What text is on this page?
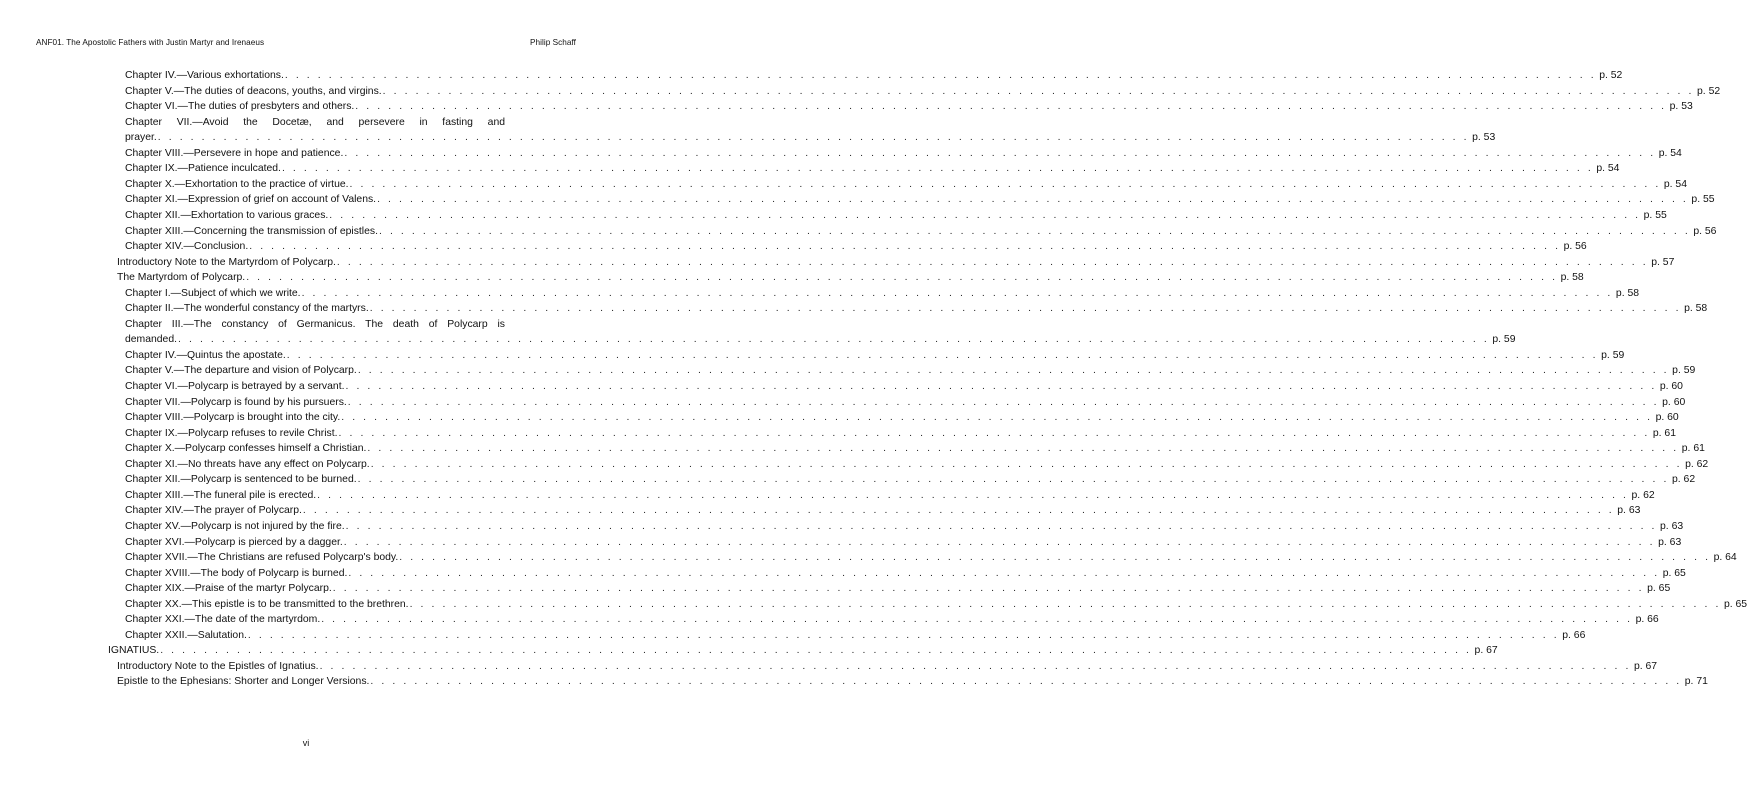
ANF01. The Apostolic Fathers with Justin Martyr and Irenaeus	Philip Schaff
Chapter IV.—Various exhortations. . . . . . . . . . . . . . . . . . . . . . . . . . . . . . . . . . . . . . . . . . . . . . . . . . . . . . . . . . . . . . . . . . . . . . . . . . . . . . . . . . . . . . . . . . . . . . . . . . . . . . . . . . . . . . . . . . . . . . . . . p. 52
Chapter V.—The duties of deacons, youths, and virgins. . . . . . . . . . . . . . . . . . . . . . . . . . . . . . . . . . . . . . . . . . . . . . . . . . . . . . . . . . . . . . . . . . . . . . . . . . . . . . . . . . . . . . . . . . . . . . . . . . . . . . . . . . . . . . . . . . . . . . . . . p. 52
Chapter VI.—The duties of presbyters and others. . . . . . . . . . . . . . . . . . . . . . . . . . . . . . . . . . . . . . . . . . . . . . . . . . . . . . . . . . . . . . . . . . . . . . . . . . . . . . . . . . . . . . . . . . . . . . . . . . . . . . . . . . . . . . . . . . . . . . . . . p. 53
Chapter VII.—Avoid the Docetæ, and persevere in fasting and
prayer. . . . . . . . . . . . . . . . . . . . . . . . . . . . . . . . . . . . . . . . . . . . . . . . . . . . . . . . . . . . . . . . . . . . . . . . . . . . . . . . . . . . . . . . . . . . . . . . . . . . . . . . . . . . . . . . . . . . . . . . . p. 53
Chapter VIII.—Persevere in hope and patience. . . . . . . . . . . . . . . . . . . . . . . . . . . . . . . . . . . . . . . . . . . . . . . . . . . . . . . . . . . . . . . . . . . . . . . . . . . . . . . . . . . . . . . . . . . . . . . . . . . . . . . . . . . . . . . . . . . . . . . . . p. 54
Chapter IX.—Patience inculcated. . . . . . . . . . . . . . . . . . . . . . . . . . . . . . . . . . . . . . . . . . . . . . . . . . . . . . . . . . . . . . . . . . . . . . . . . . . . . . . . . . . . . . . . . . . . . . . . . . . . . . . . . . . . . . . . . . . . . . . . . p. 54
Chapter X.—Exhortation to the practice of virtue. . . . . . . . . . . . . . . . . . . . . . . . . . . . . . . . . . . . . . . . . . . . . . . . . . . . . . . . . . . . . . . . . . . . . . . . . . . . . . . . . . . . . . . . . . . . . . . . . . . . . . . . . . . . . . . . . . . . . . . . . p. 54
Chapter XI.—Expression of grief on account of Valens. . . . . . . . . . . . . . . . . . . . . . . . . . . . . . . . . . . . . . . . . . . . . . . . . . . . . . . . . . . . . . . . . . . . . . . . . . . . . . . . . . . . . . . . . . . . . . . . . . . . . . . . . . . . . . . . . . . . . . . . . p. 55
Chapter XII.—Exhortation to various graces. . . . . . . . . . . . . . . . . . . . . . . . . . . . . . . . . . . . . . . . . . . . . . . . . . . . . . . . . . . . . . . . . . . . . . . . . . . . . . . . . . . . . . . . . . . . . . . . . . . . . . . . . . . . . . . . . . . . . . . . . p. 55
Chapter XIII.—Concerning the transmission of epistles. . . . . . . . . . . . . . . . . . . . . . . . . . . . . . . . . . . . . . . . . . . . . . . . . . . . . . . . . . . . . . . . . . . . . . . . . . . . . . . . . . . . . . . . . . . . . . . . . . . . . . . . . . . . . . . . . . . . . . . . . p. 56
Chapter XIV.—Conclusion. . . . . . . . . . . . . . . . . . . . . . . . . . . . . . . . . . . . . . . . . . . . . . . . . . . . . . . . . . . . . . . . . . . . . . . . . . . . . . . . . . . . . . . . . . . . . . . . . . . . . . . . . . . . . . . . . . . . . . . . . p. 56
Introductory Note to the Martyrdom of Polycarp. . . . . . . . . . . . . . . . . . . . . . . . . . . . . . . . . . . . . . . . . . . . . . . . . . . . . . . . . . . . . . . . . . . . . . . . . . . . . . . . . . . . . . . . . . . . . . . . . . . . . . . . . . . . . . . . . . . . . . . . . p. 57
The Martyrdom of Polycarp. . . . . . . . . . . . . . . . . . . . . . . . . . . . . . . . . . . . . . . . . . . . . . . . . . . . . . . . . . . . . . . . . . . . . . . . . . . . . . . . . . . . . . . . . . . . . . . . . . . . . . . . . . . . . . . . . . . . . . . . . p. 58
Chapter I.—Subject of which we write. . . . . . . . . . . . . . . . . . . . . . . . . . . . . . . . . . . . . . . . . . . . . . . . . . . . . . . . . . . . . . . . . . . . . . . . . . . . . . . . . . . . . . . . . . . . . . . . . . . . . . . . . . . . . . . . . . . . . . . . . p. 58
Chapter II.—The wonderful constancy of the martyrs. . . . . . . . . . . . . . . . . . . . . . . . . . . . . . . . . . . . . . . . . . . . . . . . . . . . . . . . . . . . . . . . . . . . . . . . . . . . . . . . . . . . . . . . . . . . . . . . . . . . . . . . . . . . . . . . . . . . . . . . . p. 58
Chapter III.—The constancy of Germanicus. The death of Polycarp is
demanded. . . . . . . . . . . . . . . . . . . . . . . . . . . . . . . . . . . . . . . . . . . . . . . . . . . . . . . . . . . . . . . . . . . . . . . . . . . . . . . . . . . . . . . . . . . . . . . . . . . . . . . . . . . . . . . . . . . . . . . . . p. 59
Chapter IV.—Quintus the apostate. . . . . . . . . . . . . . . . . . . . . . . . . . . . . . . . . . . . . . . . . . . . . . . . . . . . . . . . . . . . . . . . . . . . . . . . . . . . . . . . . . . . . . . . . . . . . . . . . . . . . . . . . . . . . . . . . . . . . . . . . p. 59
Chapter V.—The departure and vision of Polycarp. . . . . . . . . . . . . . . . . . . . . . . . . . . . . . . . . . . . . . . . . . . . . . . . . . . . . . . . . . . . . . . . . . . . . . . . . . . . . . . . . . . . . . . . . . . . . . . . . . . . . . . . . . . . . . . . . . . . . . . . . p. 59
Chapter VI.—Polycarp is betrayed by a servant. . . . . . . . . . . . . . . . . . . . . . . . . . . . . . . . . . . . . . . . . . . . . . . . . . . . . . . . . . . . . . . . . . . . . . . . . . . . . . . . . . . . . . . . . . . . . . . . . . . . . . . . . . . . . . . . . . . . . . . . . p. 60
Chapter VII.—Polycarp is found by his pursuers. . . . . . . . . . . . . . . . . . . . . . . . . . . . . . . . . . . . . . . . . . . . . . . . . . . . . . . . . . . . . . . . . . . . . . . . . . . . . . . . . . . . . . . . . . . . . . . . . . . . . . . . . . . . . . . . . . . . . . . . . p. 60
Chapter VIII.—Polycarp is brought into the city. . . . . . . . . . . . . . . . . . . . . . . . . . . . . . . . . . . . . . . . . . . . . . . . . . . . . . . . . . . . . . . . . . . . . . . . . . . . . . . . . . . . . . . . . . . . . . . . . . . . . . . . . . . . . . . . . . . . . . . . . p. 60
Chapter IX.—Polycarp refuses to revile Christ. . . . . . . . . . . . . . . . . . . . . . . . . . . . . . . . . . . . . . . . . . . . . . . . . . . . . . . . . . . . . . . . . . . . . . . . . . . . . . . . . . . . . . . . . . . . . . . . . . . . . . . . . . . . . . . . . . . . . . . . . p. 61
Chapter X.—Polycarp confesses himself a Christian. . . . . . . . . . . . . . . . . . . . . . . . . . . . . . . . . . . . . . . . . . . . . . . . . . . . . . . . . . . . . . . . . . . . . . . . . . . . . . . . . . . . . . . . . . . . . . . . . . . . . . . . . . . . . . . . . . . . . . . . . p. 61
Chapter XI.—No threats have any effect on Polycarp. . . . . . . . . . . . . . . . . . . . . . . . . . . . . . . . . . . . . . . . . . . . . . . . . . . . . . . . . . . . . . . . . . . . . . . . . . . . . . . . . . . . . . . . . . . . . . . . . . . . . . . . . . . . . . . . . . . . . . . . . p. 62
Chapter XII.—Polycarp is sentenced to be burned. . . . . . . . . . . . . . . . . . . . . . . . . . . . . . . . . . . . . . . . . . . . . . . . . . . . . . . . . . . . . . . . . . . . . . . . . . . . . . . . . . . . . . . . . . . . . . . . . . . . . . . . . . . . . . . . . . . . . . . . . p. 62
Chapter XIII.—The funeral pile is erected. . . . . . . . . . . . . . . . . . . . . . . . . . . . . . . . . . . . . . . . . . . . . . . . . . . . . . . . . . . . . . . . . . . . . . . . . . . . . . . . . . . . . . . . . . . . . . . . . . . . . . . . . . . . . . . . . . . . . . . . . p. 62
Chapter XIV.—The prayer of Polycarp. . . . . . . . . . . . . . . . . . . . . . . . . . . . . . . . . . . . . . . . . . . . . . . . . . . . . . . . . . . . . . . . . . . . . . . . . . . . . . . . . . . . . . . . . . . . . . . . . . . . . . . . . . . . . . . . . . . . . . . . . p. 63
Chapter XV.—Polycarp is not injured by the fire. . . . . . . . . . . . . . . . . . . . . . . . . . . . . . . . . . . . . . . . . . . . . . . . . . . . . . . . . . . . . . . . . . . . . . . . . . . . . . . . . . . . . . . . . . . . . . . . . . . . . . . . . . . . . . . . . . . . . . . . . p. 63
Chapter XVI.—Polycarp is pierced by a dagger. . . . . . . . . . . . . . . . . . . . . . . . . . . . . . . . . . . . . . . . . . . . . . . . . . . . . . . . . . . . . . . . . . . . . . . . . . . . . . . . . . . . . . . . . . . . . . . . . . . . . . . . . . . . . . . . . . . . . . . . . p. 63
Chapter XVII.—The Christians are refused Polycarp's body. . . . . . . . . . . . . . . . . . . . . . . . . . . . . . . . . . . . . . . . . . . . . . . . . . . . . . . . . . . . . . . . . . . . . . . . . . . . . . . . . . . . . . . . . . . . . . . . . . . . . . . . . . . . . . . . . . . . . . . . . p. 64
Chapter XVIII.—The body of Polycarp is burned. . . . . . . . . . . . . . . . . . . . . . . . . . . . . . . . . . . . . . . . . . . . . . . . . . . . . . . . . . . . . . . . . . . . . . . . . . . . . . . . . . . . . . . . . . . . . . . . . . . . . . . . . . . . . . . . . . . . . . . . . p. 65
Chapter XIX.—Praise of the martyr Polycarp. . . . . . . . . . . . . . . . . . . . . . . . . . . . . . . . . . . . . . . . . . . . . . . . . . . . . . . . . . . . . . . . . . . . . . . . . . . . . . . . . . . . . . . . . . . . . . . . . . . . . . . . . . . . . . . . . . . . . . . . . p. 65
Chapter XX.—This epistle is to be transmitted to the brethren. . . . . . . . . . . . . . . . . . . . . . . . . . . . . . . . . . . . . . . . . . . . . . . . . . . . . . . . . . . . . . . . . . . . . . . . . . . . . . . . . . . . . . . . . . . . . . . . . . . . . . . . . . . . . . . . . . . . . . . . . p. 65
Chapter XXI.—The date of the martyrdom. . . . . . . . . . . . . . . . . . . . . . . . . . . . . . . . . . . . . . . . . . . . . . . . . . . . . . . . . . . . . . . . . . . . . . . . . . . . . . . . . . . . . . . . . . . . . . . . . . . . . . . . . . . . . . . . . . . . . . . . . p. 66
Chapter XXII.—Salutation. . . . . . . . . . . . . . . . . . . . . . . . . . . . . . . . . . . . . . . . . . . . . . . . . . . . . . . . . . . . . . . . . . . . . . . . . . . . . . . . . . . . . . . . . . . . . . . . . . . . . . . . . . . . . . . . . . . . . . . . . p. 66
IGNATIUS. . . . . . . . . . . . . . . . . . . . . . . . . . . . . . . . . . . . . . . . . . . . . . . . . . . . . . . . . . . . . . . . . . . . . . . . . . . . . . . . . . . . . . . . . . . . . . . . . . . . . . . . . . . . . . . . . . . . . . . . . p. 67
Introductory Note to the Epistles of Ignatius. . . . . . . . . . . . . . . . . . . . . . . . . . . . . . . . . . . . . . . . . . . . . . . . . . . . . . . . . . . . . . . . . . . . . . . . . . . . . . . . . . . . . . . . . . . . . . . . . . . . . . . . . . . . . . . . . . . . . . . . . p. 67
Epistle to the Ephesians: Shorter and Longer Versions. . . . . . . . . . . . . . . . . . . . . . . . . . . . . . . . . . . . . . . . . . . . . . . . . . . . . . . . . . . . . . . . . . . . . . . . . . . . . . . . . . . . . . . . . . . . . . . . . . . . . . . . . . . . . . . . . . . . . . . . . p. 71
vi
